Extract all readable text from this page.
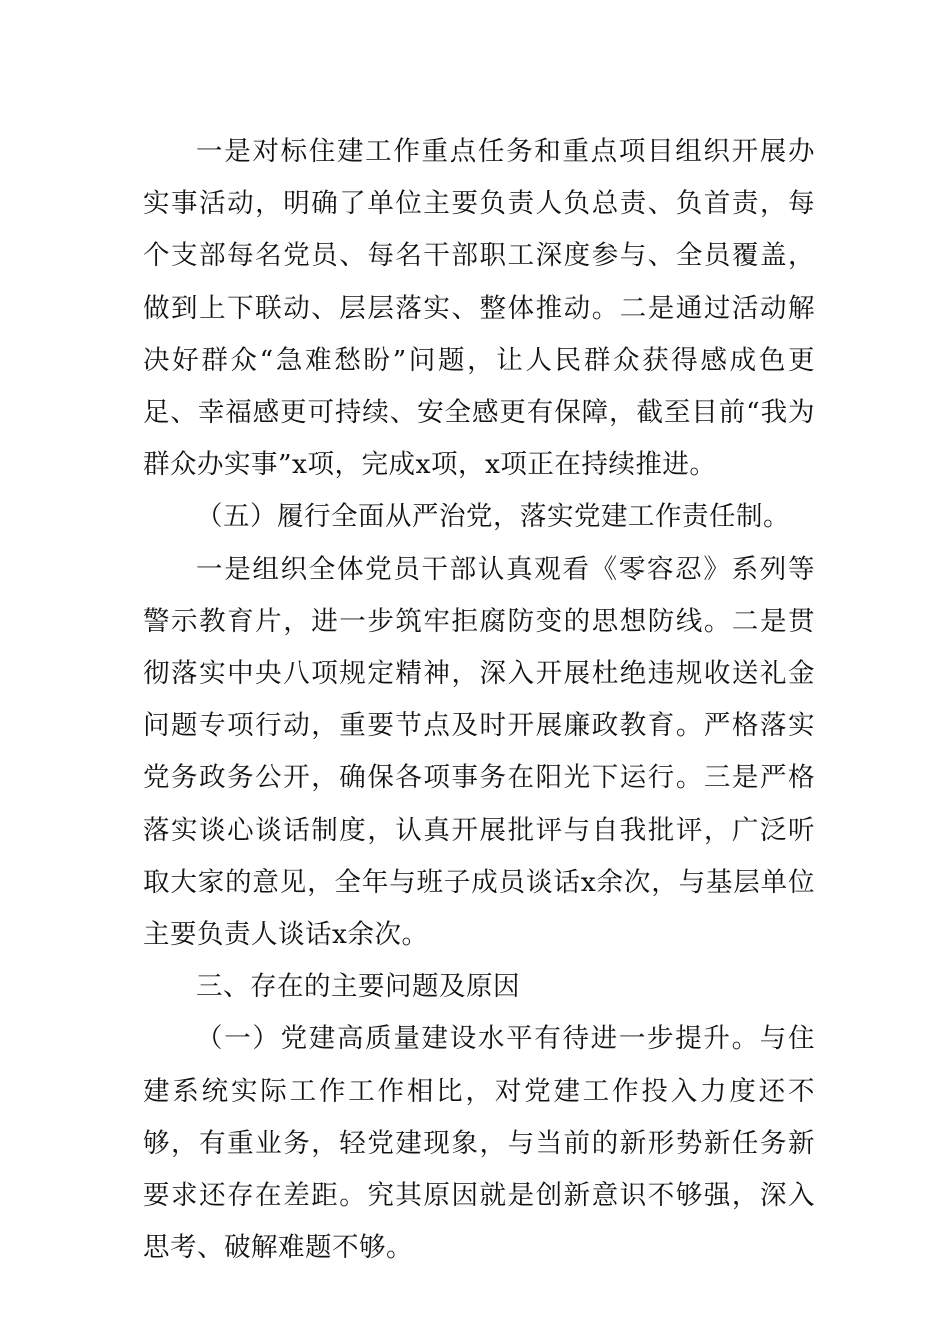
一是对标住建工作重点任务和重点项目组织开展办实事活动，明确了单位主要负责人负总责、负首责，每个支部每名党员、每名干部职工深度参与、全员覆盖，做到上下联动、层层落实、整体推动。二是通过活动解决好群众“急难愁盼”问题，让人民群众获得感成色更足、幸福感更可持续、安全感更有保障，截至目前“我为群众办实事”x项，完成x项，x项正在持续推进。

（五）履行全面从严治党，落实党建工作责任制。

一是组织全体党员干部认真观看《零容忍》系列等警示教育片，进一步筑牢拒腐防变的思想防线。二是贯彻落实中央八项规定精神，深入开展杜绝违规收送礼金问题专项行动，重要节点及时开展廉政教育。严格落实党务政务公开，确保各项事务在阳光下运行。三是严格落实谈心谈话制度，认真开展批评与自我批评，广泛听取大家的意见，全年与班子成员谈话x余次，与基层单位主要负责人谈话x余次。

三、存在的主要问题及原因

（一）党建高质量建设水平有待进一步提升。与住建系统实际工作工作相比，对党建工作投入力度还不够，有重业务，轻党建现象，与当前的新形势新任务新要求还存在差距。究其原因就是创新意识不够强，深入思考、破解难题不够。
